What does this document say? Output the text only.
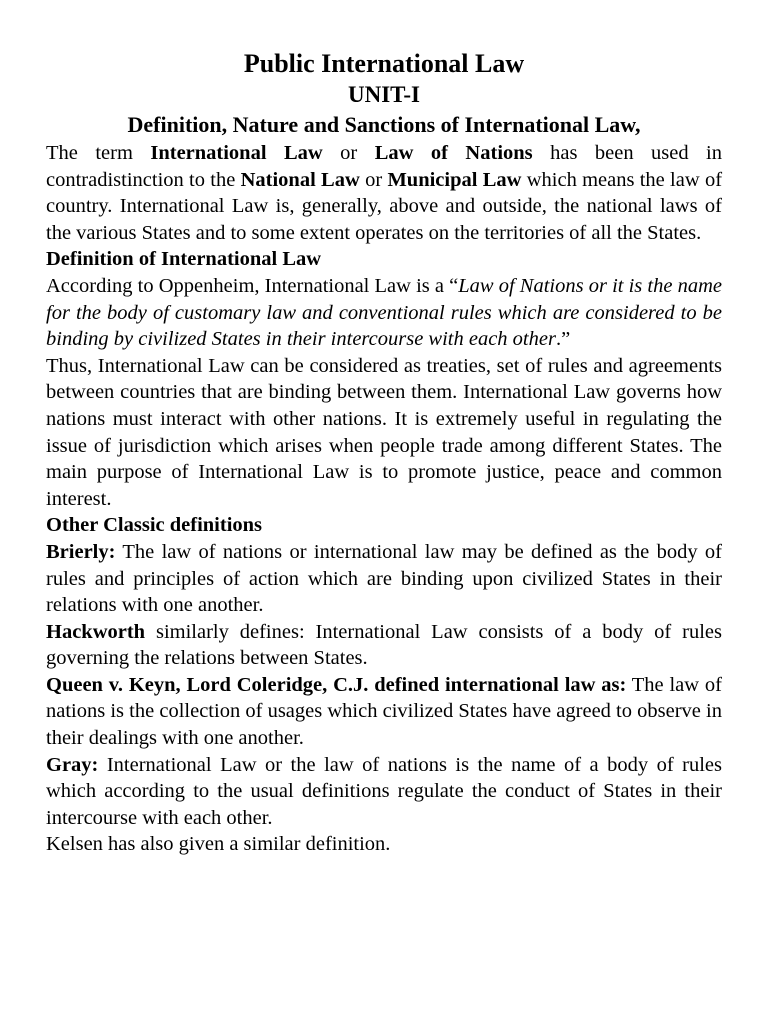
Public International Law
UNIT-I
Definition, Nature and Sanctions of International Law,

The term International Law or Law of Nations has been used in contradistinction to the National Law or Municipal Law which means the law of country. International Law is, generally, above and outside, the national laws of the various States and to some extent operates on the territories of all the States.

Definition of International Law

According to Oppenheim, International Law is a “Law of Nations or it is the name for the body of customary law and conventional rules which are considered to be binding by civilized States in their intercourse with each other.”

Thus, International Law can be considered as treaties, set of rules and agreements between countries that are binding between them. International Law governs how nations must interact with other nations. It is extremely useful in regulating the issue of jurisdiction which arises when people trade among different States. The main purpose of International Law is to promote justice, peace and common interest.

Other Classic definitions

Brierly: The law of nations or international law may be defined as the body of rules and principles of action which are binding upon civilized States in their relations with one another.

Hackworth similarly defines: International Law consists of a body of rules governing the relations between States.

Queen v. Keyn, Lord Coleridge, C.J. defined international law as: The law of nations is the collection of usages which civilized States have agreed to observe in their dealings with one another.

Gray: International Law or the law of nations is the name of a body of rules which according to the usual definitions regulate the conduct of States in their intercourse with each other.

Kelsen has also given a similar definition.
